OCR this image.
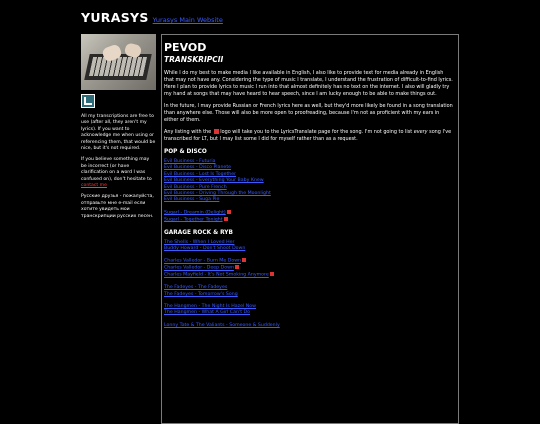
YURASYS Yurasys Main Website

All my transcriptions are free to use (after all, they aren't my lyrics). If you want to acknowledge me when using or referencing them, that would be nice, but it's not required.

If you believe something may be incorrect (or have clarification on a word I was confused on), don't hesitate to contact me

Русские друзья - пожалуйста, отправьте мне e-mail если хотите увидеть мои транскрипции русских песен.

PEVOD
TRANSKRIPCII

While I do my best to make media I like available in English, I also like to provide text for media already in English that may not have any. Considering the type of music I translate, I understand the frustration of difficult-to-find lyrics. Here I plan to provide lyrics to music I run into that almost definitely has no text on the internet. I also will gladly try my hand at songs that may have heard to hear speech, since I am lucky enough to be able to make things out.

In the future, I may provide Russian or French lyrics here as well, but they'd more likely be found in a song translation than anywhere else. Those will also be more open to proofreading, because I'm not as proficient with my ears in either of them.

Any listing with the logo will take you to the LyricsTranslate page for the song. I'm not going to list every song I've transcribed for LT, but I may list some I did for myself rather than as a request.

POP & DISCO
Evil Business - Futuria
Evil Business - Disco Planete
Evil Business - Lost Is Together
Evil Business - Everything Your Baby Knew
Evil Business - Pure French
Evil Business - Driving Through the Moonlight
Evil Business - Suga Pie
Sugarl - Dreamin (Delight)
Sugarl - Together Tonight
GARAGE ROCK & RYB
The Shells - When I Loved Her
Buddy Howard - Don't Shoot Down
Charles Valledor - Burn Me Down
Charles Valledor - Deep Down
Charles Mayfield - It's Not Smoking Anymore
The Fadeyes - The Fadeyes
The Fadeyes - Tomorrow's Song
The Hangmen - The Night Is Hazel Now
The Hangmen - What A Girl Can't Do
Lonny Tate & The Valiants - Someone & Suddenly
